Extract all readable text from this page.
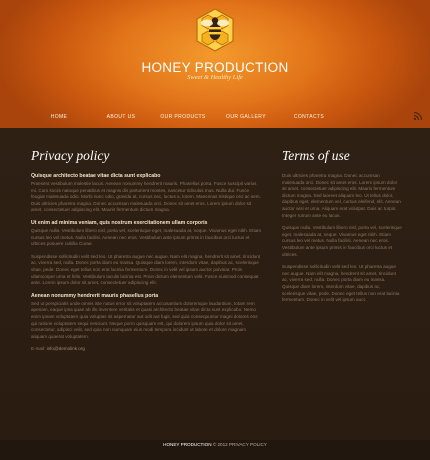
HONEY PRODUCTION
Sweet & Healthy Life
HOME	ABOUT US	OUR PRODUCTS	OUR GALLERY	CONTACTS
Privacy policy
Quisque architecto beatae vitae dicta sunt explicabo

Praesent vestibulum molestie lacus. Aenean nonummy hendrerit mauris. Phasellus porta. Fusce suscipit varius mi. Cum sociis natoque penatibus et magnis dis parturient montes, nascetur ridiculus mus. Nulla dui. Fusce feugiat malesuada odio. Morbi nunc odio, gravida at, cursus nec, luctus a, lorem. Maecenas tristique orci ac sem. Duis ultricies pharetra magna. Donec accumsan malesuada orci. Donec sit amet eros. Lorem ipsum dolor sit amet, consectetuer adipiscing elit. Mauris fermentum dictum magna.

Ut enim ad minima veniam, quis nostrum exercitationem ullam corporis

Quisque nulla. Vestibulum libero nisl, porta vel, scelerisque eget, malesuada at, neque. Vivamus eget nibh. Etiam cursus leo vel metus. Nulla facilisi. Aenean nec eros. Vestibulum ante ipsum primis in faucibus orci luctus et ultrices posuere cubilia Curae.

Suspendisse sollicitudin velit sed leo. Ut pharetra augue nec augue. Nam elit magna, hendrerit sit amet, tincidunt ac, viverra sed, nulla. Donec porta diam eu massa. Quisque diam lorem, interdum vitae, dapibus ac, scelerisque vitae, pede. Donec eget tellus non erat lacinia fermentum. Donec in velit vel ipsum auctor pulvinar. Proin ullamcorper urna et felis. Vestibulum iaculis lacinia est. Proin dictum elementum velit. Fusce euismod consequat ante. Lorem ipsum dolor sit amet, consectetuer adipiscing elit.

Aenean nonummy hendrerit mauris phasellus porta

Sed ut perspiciatis unde omnis iste natus error sit voluptatem accusantium doloremque laudantium, totam rem aperiam, eaque ipsa quae ab illo inventore veritatis et quasi architecto beatae vitae dicta sunt explicabo. Nemo enim ipsam voluptatem quia voluptas sit aspernatur aut odit aut fugit, sed quia consequuntur magni dolores eos qui ratione voluptatem sequi nesciunt. Neque porro quisquam est, qui dolorem ipsum quia dolor sit amet, consectetur, adipisci velit, sed quia non numquam eius modi tempora incidunt ut labore et dolore magnam aliquam quaerat voluptatem.

E-mail: info@demolink.org
Terms of use

Duis ultricies pharetra magna. Donec accumsan malesuada orci. Donec sit amet eros. Lorem ipsum dolor sit amet, consectetuer adipiscing elit. Mauris fermentum dictum magna. Sed laoreet aliquam leo. Ut tellus dolor, dapibus eget, elementum vel, cursus eleifend, elit. Aenean auctor wisi et urna. Aliquam erat volutpat. Duis ac turpis. Integer rutrum ante eu lacus.

Quisque nulla. Vestibulum libero nisl, porta vel, scelerisque eget, malesuada at, neque. Vivamus eget nibh. Etiam cursus leo vel metus. Nulla facilisi. Aenean nec eros. Vestibulum ante ipsum primis in faucibus orci luctus et ultrices.

Suspendisse sollicitudin velit sed leo. Ut pharetra augue nec augue. Nam elit magna, hendrerit sit amet, tincidunt ac, viverra sed, nulla. Donec porta diam eu massa. Quisque diam lorem, interdum vitae, dapibus ac, scelerisque vitae, pede. Donec eget tellus non erat lacinia fermentum. Donec in velit vel ipsum auct.

HONEY PRODUCTION © 2012 PRIVACY POLICY
